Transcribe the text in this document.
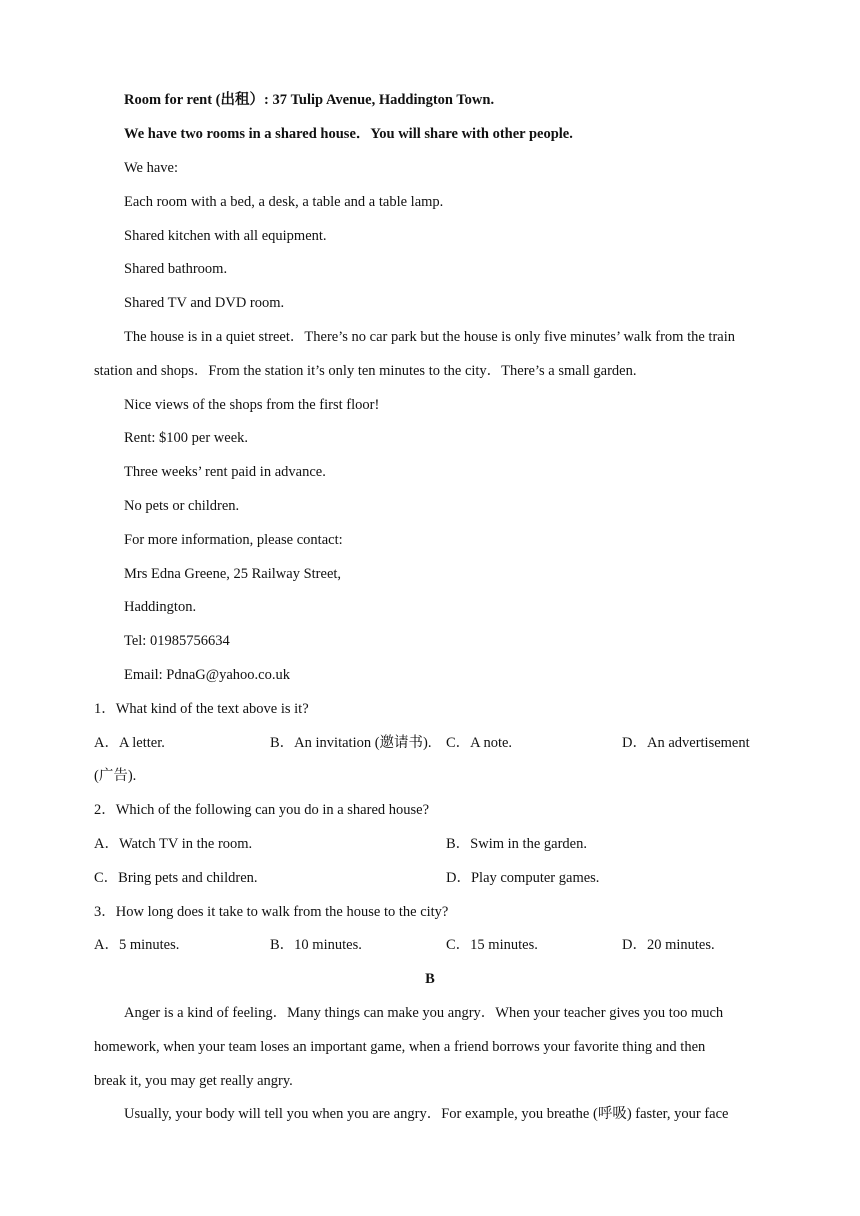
Room for rent (出租）: 37 Tulip Avenue, Haddington Town.
We have two rooms in a shared house．You will share with other people.
We have:
Each room with a bed, a desk, a table and a table lamp.
Shared kitchen with all equipment.
Shared bathroom.
Shared TV and DVD room.
The house is in a quiet street．There’s no car park but the house is only five minutes’ walk from the train
station and shops．From the station it’s only ten minutes to the city．There’s a small garden.
Nice views of the shops from the first floor!
Rent: $100 per week.
Three weeks’ rent paid in advance.
No pets or children.
For more information, please contact:
Mrs Edna Greene, 25 Railway Street,
Haddington.
Tel: 01985756634
Email: PdnaG@yahoo.co.uk
1．What kind of the text above is it?
A．A letter.	B．An invitation (邀请书). C．A note.	D．An advertisement
(广告).
2．Which of the following can you do in a shared house?
A．Watch TV in the room.	B．Swim in the garden.
C．Bring pets and children.	D．Play computer games.
3．How long does it take to walk from the house to the city?
A．5 minutes.	B．10 minutes.	C．15 minutes.	D．20 minutes.
B
Anger is a kind of feeling．Many things can make you angry．When your teacher gives you too much
homework, when your team loses an important game, when a friend borrows your favorite thing and then
break it, you may get really angry.
Usually, your body will tell you when you are angry．For example, you breathe (呼吸) faster, your face
